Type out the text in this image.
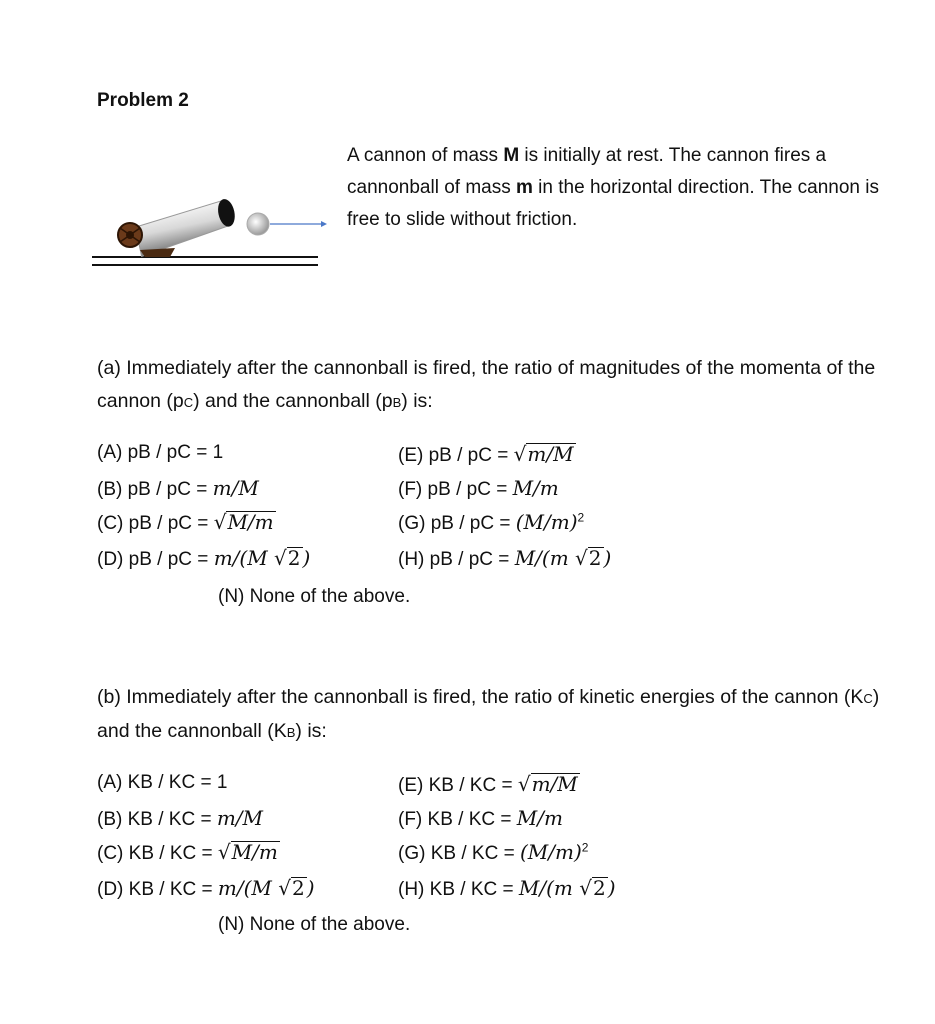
Problem 2
A cannon of mass M is initially at rest. The cannon fires a cannonball of mass m in the horizontal direction. The cannon is free to slide without friction.
(a) Immediately after the cannonball is fired, the ratio of magnitudes of the momenta of the cannon (pC) and the cannonball (pB) is:
(A) pB / pC = 1
(B) pB / pC = m/M
(C) pB / pC = √M/m
(D) pB / pC = m/(M √2 )
(E) pB / pC = √m/M
(F) pB / pC = M/m
(G) pB / pC = $(M/m)^2$
(H) pB / pC = M/(m √2 )
(N) None of the above.
(b) Immediately after the cannonball is fired, the ratio of kinetic energies of the cannon (KC) and the cannonball (KB) is:
(A) KB / KC = 1
(B) KB / KC = m/M
(C) KB / KC = √M/m
(D) KB / KC = m/(M √2 )
(E) KB / KC = √m/M
(F) KB / KC = M/m
(G) KB / KC = $(M/m)^2$
(H) KB / KC = M/(m √2 )
(N) None of the above.
